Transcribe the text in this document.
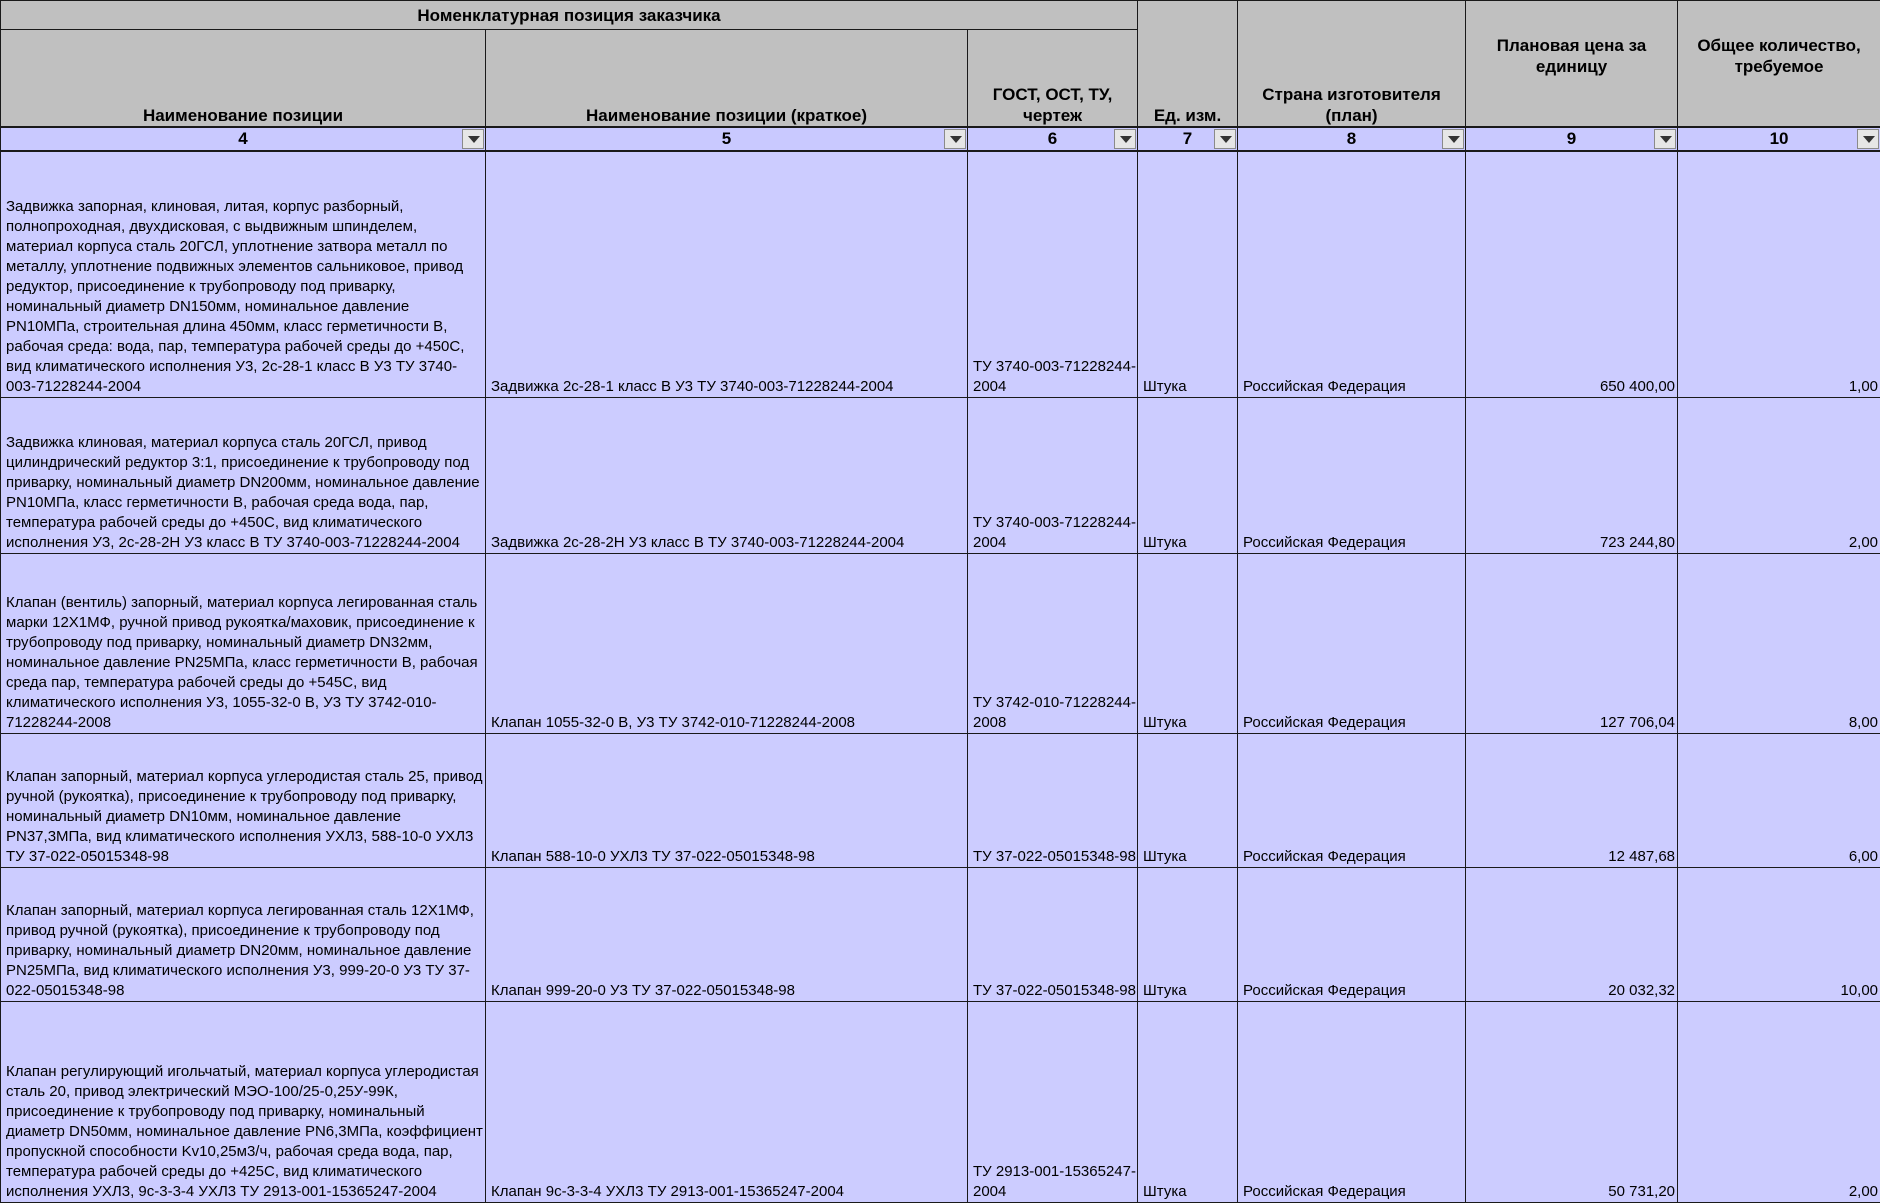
Номенклатурная позиция заказчика			Ед. изм.	Страна изготовителя (план)	Плановая цена за единицу	Общее количество, требуемое
Наименование позиции	Наименование позиции (краткое)	ГОСТ, ОСТ, ТУ, чертеж				
4	5	6	7	8	9	10

Задвижка запорная, клиновая, литая, корпус разборный, полнопроходная, двухдисковая, с выдвижным шпинделем, материал корпуса сталь 20ГСЛ, уплотнение затвора металл по металлу, уплотнение подвижных элементов сальниковое, привод редуктор, присоединение к трубопроводу под приварку, номинальный диаметр DN150мм, номинальное давление PN10МПа, строительная длина 450мм, класс герметичности В, рабочая среда: вода, пар, температура рабочей среды до +450С, вид климатического исполнения У3, 2с-28-1 класс В У3 ТУ 3740-003-71228244-2004	Задвижка 2с-28-1 класс В У3 ТУ 3740-003-71228244-2004	ТУ 3740-003-71228244-2004	Штука	Российская Федерация	650 400,00	1,00
Задвижка клиновая, материал корпуса сталь 20ГСЛ, привод цилиндрический редуктор 3:1, присоединение к трубопроводу под приварку, номинальный диаметр DN200мм, номинальное давление PN10МПа, класс герметичности В, рабочая среда вода, пар, температура рабочей среды до +450С, вид климатического исполнения У3, 2с-28-2Н У3 класс В ТУ 3740-003-71228244-2004	Задвижка 2с-28-2Н У3 класс В ТУ 3740-003-71228244-2004	ТУ 3740-003-71228244-2004	Штука	Российская Федерация	723 244,80	2,00
Клапан (вентиль) запорный, материал корпуса легированная сталь марки 12Х1МФ, ручной привод рукоятка/маховик, присоединение к трубопроводу под приварку, номинальный диаметр DN32мм, номинальное давление PN25МПа, класс герметичности В, рабочая среда пар, температура рабочей среды до +545С, вид климатического исполнения У3, 1055-32-0 В, У3 ТУ 3742-010-71228244-2008	Клапан 1055-32-0 В, У3 ТУ 3742-010-71228244-2008	ТУ 3742-010-71228244-2008	Штука	Российская Федерация	127 706,04	8,00
Клапан запорный, материал корпуса углеродистая сталь 25, привод ручной (рукоятка), присоединение к трубопроводу под приварку, номинальный диаметр DN10мм, номинальное давление PN37,3МПа, вид климатического исполнения УХЛ3, 588-10-0 УХЛ3 ТУ 37-022-05015348-98	Клапан 588-10-0 УХЛ3 ТУ 37-022-05015348-98	ТУ 37-022-05015348-98	Штука	Российская Федерация	12 487,68	6,00
Клапан запорный, материал корпуса легированная сталь 12Х1МФ, привод ручной (рукоятка), присоединение к трубопроводу под приварку, номинальный диаметр DN20мм, номинальное давление PN25МПа, вид климатического исполнения У3, 999-20-0 У3 ТУ 37-022-05015348-98	Клапан 999-20-0 У3 ТУ 37-022-05015348-98	ТУ 37-022-05015348-98	Штука	Российская Федерация	20 032,32	10,00
Клапан регулирующий игольчатый, материал корпуса углеродистая сталь 20, привод электрический МЭО-100/25-0,25У-99К, присоединение к трубопроводу под приварку, номинальный диаметр DN50мм, номинальное давление PN6,3МПа, коэффициент пропускной способности Kv10,25м3/ч, рабочая среда вода, пар, температура рабочей среды до +425С, вид климатического исполнения УХЛ3, 9с-3-3-4 УХЛ3 ТУ 2913-001-15365247-2004	Клапан 9с-3-3-4 УХЛ3 ТУ 2913-001-15365247-2004	ТУ 2913-001-15365247-2004	Штука	Российская Федерация	50 731,20	2,00
